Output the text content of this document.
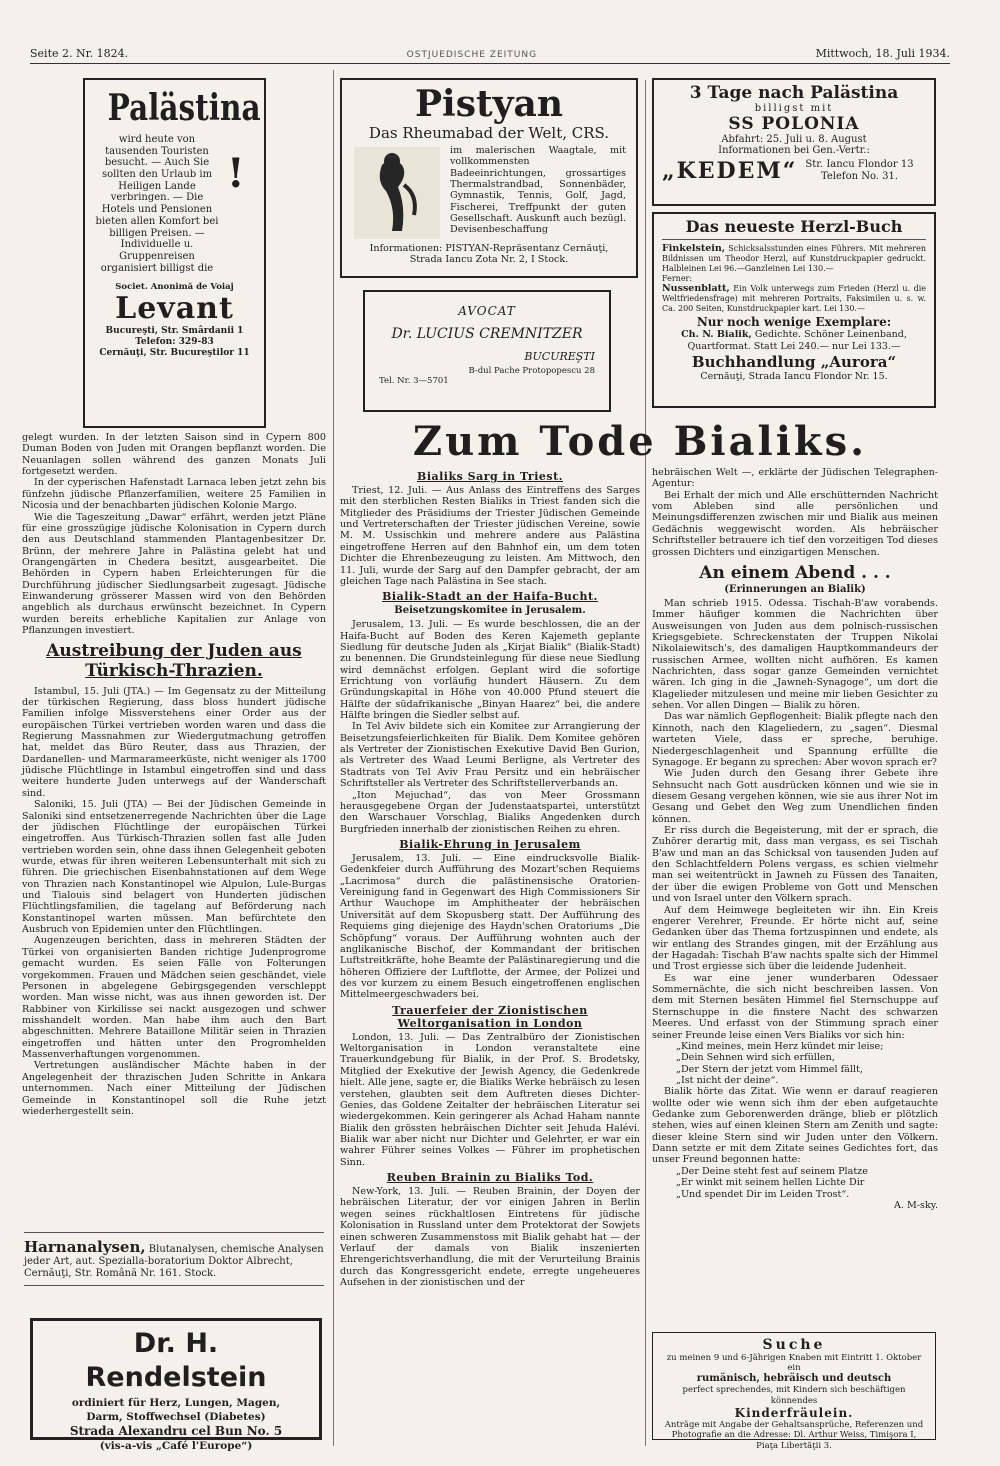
Seite 2. Nr. 1824.	OSTJUEDISCHE ZEITUNG	Mittwoch, 18. Juli 1934.
Palästina
wird heute von tausenden Touristen besucht. — Auch Sie sollten den Urlaub im Heiligen Lande verbringen. — Die Hotels und Pensionen bieten allen Komfort bei billigen Preisen. — Individuelle u. Gruppenreisen organisiert billigst die
!
Societ. Anonimă de Voiaj
Levant
Bucureşti, Str. Smârdanii 1
Telefon: 329-83
Cernăuţi, Str. Bucureştilor 11
Pistyan
Das Rheumabad der Welt, CRS.
im malerischen Waagtale, mit vollkommensten Badeeinrichtungen, grossartiges Thermalstrandbad, Sonnenbäder, Gymnastik, Tennis, Golf, Jagd, Fischerei, Treffpunkt der guten Gesellschaft. Auskunft auch bezügl. Devisenbeschaffung
Informationen: PISTYAN-Repräsentanz Cernăuţi, Strada Iancu Zota Nr. 2, I Stock.
AVOCAT
Dr. LUCIUS CREMNITZER
BUCUREŞTI
Tel. Nr. 3—5701
B-dul Pache Protopopescu 28
3 Tage nach Palästina
billigst mit
SS POLONIA
Abfahrt: 25. Juli u. 8. August
Informationen bei Gen.-Vertr.:
„KEDEM“ Str. Iancu Flondor 13
Telefon No. 31.
Das neueste Herzl-Buch
Finkelstein, Schicksalsstunden eines Führers. Mit mehreren Bildnissen um Theodor Herzl, auf Kunstdruckpapier gedruckt. Halbleinen Lei 96.—Ganzleinen Lei 130.—
Ferner:
Nussenblatt, Ein Volk unterwegs zum Frieden (Herzl u. die Weltfriedensfrage) mit mehreren Portraits, Faksimilen u. s. w. Ca. 200 Seiten, Kunstdruckpapier kart. Lei 130.—
Nur noch wenige Exemplare:
Ch. N. Bialik, Gedichte. Schöner Leinenband, Quartformat. Statt Lei 240.— nur Lei 133.—
Buchhandlung „Aurora“
Cernăuţi, Strada Iancu Flondor Nr. 15.

gelegt wurden. In der letzten Saison sind in Cypern 800 Duman Boden von Juden mit Orangen bepflanzt worden. Die Neuanlagen sollen während des ganzen Monats Juli fortgesetzt werden.

In der cyperischen Hafenstadt Larnaca leben jetzt zehn bis fünfzehn jüdische Pflanzerfamilien, weitere 25 Familien in Nicosia und der benachbarten jüdischen Kolonie Margo.

Wie die Tageszeitung „Dawar“ erfährt, werden jetzt Pläne für eine grosszügige jüdische Kolonisation in Cypern durch den aus Deutschland stammenden Plantagenbesitzer Dr. Brünn, der mehrere Jahre in Palästina gelebt hat und Orangengärten in Chedera besitzt, ausgearbeitet. Die Behörden in Cypern haben Erleichterungen für die Durchführung jüdischer Siedlungsarbeit zugesagt. Jüdische Einwanderung grösserer Massen wird von den Behörden angeblich als durchaus erwünscht bezeichnet. In Cypern wurden bereits erhebliche Kapitalien zur Anlage von Pflanzungen investiert.

Austreibung der Juden aus Türkisch-Thrazien.

Istambul, 15. Juli (JTA.) — Im Gegensatz zu der Mitteilung der türkischen Regierung, dass bloss hundert jüdische Familien infolge Missverstehens einer Order aus der europäischen Türkei vertrieben worden waren und dass die Regierung Massnahmen zur Wiedergutmachung getroffen hat, meldet das Büro Reuter, dass aus Thrazien, der Dardanellen- und Marmarameerküste, nicht weniger als 1700 jüdische Flüchtlinge in Istambul eingetroffen sind und dass weitere hunderte Juden unterwegs auf der Wanderschaft sind.

Saloniki, 15. Juli (JTA) — Bei der Jüdischen Gemeinde in Saloniki sind entsetzenerregende Nachrichten über die Lage der jüdischen Flüchtlinge der europäischen Türkei eingetroffen. Aus Türkisch-Thrazien sollen fast alle Juden vertrieben worden sein, ohne dass ihnen Gelegenheit geboten wurde, etwas für ihren weiteren Lebensunterhalt mit sich zu führen. Die griechischen Eisenbahnstationen auf dem Wege von Thrazien nach Konstantinopel wie Alpulon, Lule-Burgas und Tialouis sind belagert von Hunderten jüdischen Flüchtlingsfamilien, die tagelang auf Beförderung nach Konstantinopel warten müssen. Man befürchtete den Ausbruch von Epidemien unter den Flüchtlingen.

Augenzeugen berichten, dass in mehreren Städten der Türkei von organisierten Banden richtige Judenprogrome gemacht wurden. Es seien Fälle von Folterungen vorgekommen. Frauen und Mädchen seien geschändet, viele Personen in abgelegene Gebirgsgegenden verschleppt worden. Man wisse nicht, was aus ihnen geworden ist. Der Rabbiner von Kirkilisse sei nackt ausgezogen und schwer misshandelt worden. Man habe ihm auch den Bart abgeschnitten. Mehrere Bataillone Militär seien in Thrazien eingetroffen und hätten unter den Progromhelden Massenverhaftungen vorgenommen.

Vertretungen ausländischer Mächte haben in der Angelegenheit der thrazischen Juden Schritte in Ankara unternommen. Nach einer Mitteilung der Jüdischen Gemeinde in Konstantinopel soll die Ruhe jetzt wiederhergestellt sein.

Harnanalysen, Blutanalysen, chemische Analysen jeder Art, aut. Spezialla-boratorium Doktor Albrecht, Cernăuţi, Str. Română Nr. 161. Stock.
Dr. H. Rendelstein
ordiniert für Herz, Lungen, Magen,
Darm, Stoffwechsel (Diabetes)
Strada Alexandru cel Bun No. 5
(vis-a-vis „Café l'Europe“)
Zum Tode Bialiks.
Bialiks Sarg in Triest.

Triest, 12. Juli. — Aus Anlass des Eintreffens des Sarges mit den sterblichen Resten Bialiks in Triest fanden sich die Mitglieder des Präsidiums der Triester Jüdischen Gemeinde und Vertreterschaften der Triester jüdischen Vereine, sowie M. M. Ussischkin und mehrere andere aus Palästina eingetroffene Herren auf den Bahnhof ein, um dem toten Dichter die Ehrenbezeugung zu leisten. Am Mittwoch, den 11. Juli, wurde der Sarg auf den Dampfer gebracht, der am gleichen Tage nach Palästina in See stach.

Bialik-Stadt an der Haifa-Bucht.
Beisetzungskomitee in Jerusalem.

Jerusalem, 13. Juli. — Es wurde beschlossen, die an der Haifa-Bucht auf Boden des Keren Kajemeth geplante Siedlung für deutsche Juden als „Kirjat Bialik“ (Bialik-Stadt) zu benennen. Die Grundsteinlegung für diese neue Siedlung wird demnächst erfolgen. Geplant wird die sofortige Errichtung von vorläufig hundert Häusern. Zu dem Gründungskapital in Höhe von 40.000 Pfund steuert die Hälfte der südafrikanische „Binyan Haarez“ bei, die andere Hälfte bringen die Siedler selbst auf.

In Tel Aviv bildete sich ein Komitee zur Arrangierung der Beisetzungsfeierlichkeiten für Bialik. Dem Komitee gehören als Vertreter der Zionistischen Exekutive David Ben Gurion, als Vertreter des Waad Leumi Berligne, als Vertreter des Stadtrats von Tel Aviv Frau Persitz und ein hebräischer Schriftsteller als Vertreter des Schriftstellerverbands an.

„Iton Mejuchad“, das von Meer Grossmann herausgegebene Organ der Judenstaatspartei, unterstützt den Warschauer Vorschlag, Bialiks Angedenken durch Burgfrieden innerhalb der zionistischen Reihen zu ehren.

Bialik-Ehrung in Jerusalem

Jerusalem, 13. Juli. — Eine eindrucksvolle Bialik-Gedenkfeier durch Aufführung des Mozart'schen Requiems „Lacrimosa“ durch die palästinensische Oratorien-Vereinigung fand in Gegenwart des High Commissioners Sir Arthur Wauchope im Amphitheater der hebräischen Universität auf dem Skopusberg statt. Der Aufführung des Requiems ging diejenige des Haydn'schen Oratoriums „Die Schöpfung“ voraus. Der Aufführung wohnten auch der anglikanische Bischof, der Kommandant der britischen Luftstreitkräfte, hohe Beamte der Palästinaregierung und die höheren Offiziere der Luftflotte, der Armee, der Polizei und des vor kurzem zu einem Besuch eingetroffenen englischen Mittelmeergeschwaders bei.

Trauerfeier der Zionistischen Weltorganisation in London

London, 13. Juli. — Das Zentralbüro der Zionistischen Weltorganisation in London veranstaltete eine Trauerkundgebung für Bialik, in der Prof. S. Brodetsky, Mitglied der Exekutive der Jewish Agency, die Gedenkrede hielt. Alle jene, sagte er, die Bialiks Werke hebräisch zu lesen verstehen, glaubten seit dem Auftreten dieses Dichter-Genies, das Goldene Zeitalter der hebräischen Literatur sei wiedergekommen. Kein geringerer als Achad Haham nannte Bialik den grössten hebräischen Dichter seit Jehuda Halévi. Bialik war aber nicht nur Dichter und Gelehrter, er war ein wahrer Führer seines Volkes — Führer im prophetischen Sinn.

Reuben Brainin zu Bialiks Tod.

New-York, 13. Juli. — Reuben Brainin, der Doyen der hebräischen Literatur, der vor einigen Jahren in Berlin wegen seines rückhaltlosen Eintretens für jüdische Kolonisation in Russland unter dem Protektorat der Sowjets einen schweren Zusammenstoss mit Bialik gehabt hat — der Verlauf der damals von Bialik inszenierten Ehrengerichtsverhandlung, die mit der Verurteilung Brainis durch das Kongressgericht endete, erregte ungeheueres Aufsehen in der zionistischen und der

hebräischen Welt —, erklärte der Jüdischen Telegraphen-Agentur:

Bei Erhalt der mich und Alle erschütternden Nachricht vom Ableben sind alle persönlichen und Meinungsdifferenzen zwischen mir und Bialik aus meinen Gedächnis weggewischt worden. Als hebräischer Schriftsteller betrauere ich tief den vorzeitigen Tod dieses grossen Dichters und einzigartigen Menschen.

An einem Abend . . .
(Erinnerungen an Bialik)

Man schrieb 1915. Odessa. Tischah-B'aw vorabends. Immer häufiger kommen die Nachrichten über Ausweisungen von Juden aus dem polnisch-russischen Kriegsgebiete. Schreckenstaten der Truppen Nikolai Nikolaiewitsch's, des damaligen Hauptkommandeurs der russischen Armee, wollten nicht aufhören. Es kamen Nachrichten, dass sogar ganze Gemeinden vernichtet wären. Ich ging in die „Jawneh-Synagoge“, um dort die Klagelieder mitzulesen und meine mir lieben Gesichter zu sehen. Vor allen Dingen — Bialik zu hören.

Das war nämlich Gepflogenheit: Bialik pflegte nach den Kinnoth, nach den Klageliedern, zu „sagen“. Diesmal warteten Viele, dass er spreche, beruhige. Niedergeschlagenheit und Spannung erfüllte die Synagoge. Er begann zu sprechen: Aber wovon sprach er?

Wie Juden durch den Gesang ihrer Gebete ihre Sehnsucht nach Gott ausdrücken können und wie sie in diesem Gesang vergehen können, wie sie aus ihrer Not im Gesang und Gebet den Weg zum Unendlichen finden können.

Er riss durch die Begeisterung, mit der er sprach, die Zuhörer derartig mit, dass man vergass, es sei Tischah B'aw und man an das Schicksal von tausenden Juden auf den Schlachtfeldern Polens vergass, es schien vielmehr man sei weitentrückt in Jawneh zu Füssen des Tanaiten, der über die ewigen Probleme von Gott und Menschen und von Israel unter den Völkern sprach.

Auf dem Heimwege begleiteten wir ihn. Ein Kreis engerer Verehrer, Freunde. Er hörte nicht auf, seine Gedanken über das Thema fortzuspinnen und endete, als wir entlang des Strandes gingen, mit der Erzählung aus der Hagadah: Tischah B'aw nachts spalte sich der Himmel und Trost ergiesse sich über die leidende Judenheit.

Es war eine jener wunderbaren Odessaer Sommernächte, die sich nicht beschreiben lassen. Von dem mit Sternen besäten Himmel fiel Sternschuppe auf Sternschuppe in die finstere Nacht des schwarzen Meeres. Und erfasst von der Stimmung sprach einer seiner Freunde leise einen Vers Bialiks vor sich hin:

„Kind meines, mein Herz kündet mir leise;
„Dein Sehnen wird sich erfüllen,
„Der Stern der jetzt vom Himmel fällt,
„Ist nicht der deine“.

Bialik hörte das Zitat. Wie wenn er darauf reagieren wollte oder wie wenn sich ihm der eben aufgetauchte Gedanke zum Geborenwerden dränge, blieb er plötzlich stehen, wies auf einen kleinen Stern am Zenith und sagte: dieser kleine Stern sind wir Juden unter den Völkern. Dann setzte er mit dem Zitate seines Gedichtes fort, das unser Freund begonnen hatte:

„Der Deine steht fest auf seinem Platze
„Er winkt mit seinem hellen Lichte Dir
„Und spendet Dir im Leiden Trost“.
A. M-sky.
Suche
zu meinen 9 und 6-Jährigen Knaben mit Eintritt 1. Oktober ein
rumänisch, hebräisch und deutsch
perfect sprechendes, mit Kindern sich beschäftigen könnendes
Kinderfräulein.
Anträge mit Angabe der Gehaltsansprüche, Referenzen und Photografie an die Adresse: Dl. Arthur Weiss, Timişora I, Piaţa Libertăţii 3.
